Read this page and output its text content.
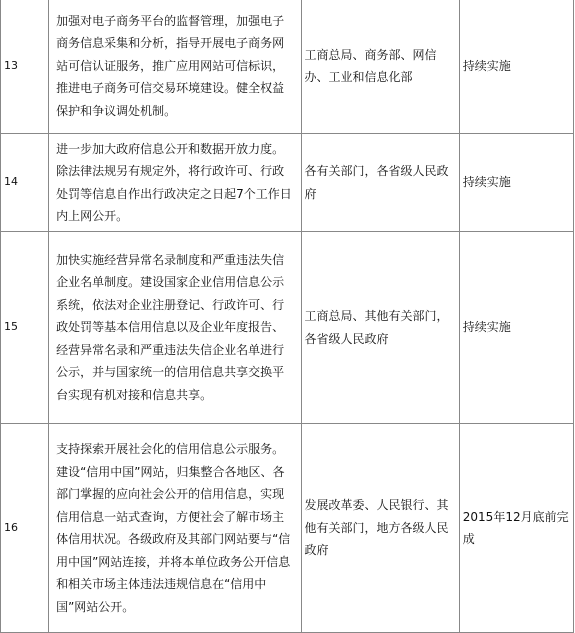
13	加强对电子商务平台的监督管理，加强电子商务信息采集和分析，指导开展电子商务网站可信认证服务，推广应用网站可信标识，推进电子商务可信交易环境建设。健全权益保护和争议调处机制。	工商总局、商务部、网信办、工业和信息化部	持续实施
14	进一步加大政府信息公开和数据开放力度。除法律法规另有规定外，将行政许可、行政处罚等信息自作出行政决定之日起7个工作日内上网公开。	各有关部门，各省级人民政府	持续实施
15	加快实施经营异常名录制度和严重违法失信企业名单制度。建设国家企业信用信息公示系统，依法对企业注册登记、行政许可、行政处罚等基本信用信息以及企业年度报告、经营异常名录和严重违法失信企业名单进行公示，并与国家统一的信用信息共享交换平台实现有机对接和信息共享。	工商总局、其他有关部门，各省级人民政府	持续实施
16	支持探索开展社会化的信用信息公示服务。建设“信用中国”网站，归集整合各地区、各部门掌握的应向社会公开的信用信息，实现信用信息一站式查询，方便社会了解市场主体信用状况。各级政府及其部门网站要与“信用中国”网站连接，并将本单位政务公开信息和相关市场主体违法违规信息在“信用中国”网站公开。	发展改革委、人民银行、其他有关部门，地方各级人民政府	2015年12月底前完成
